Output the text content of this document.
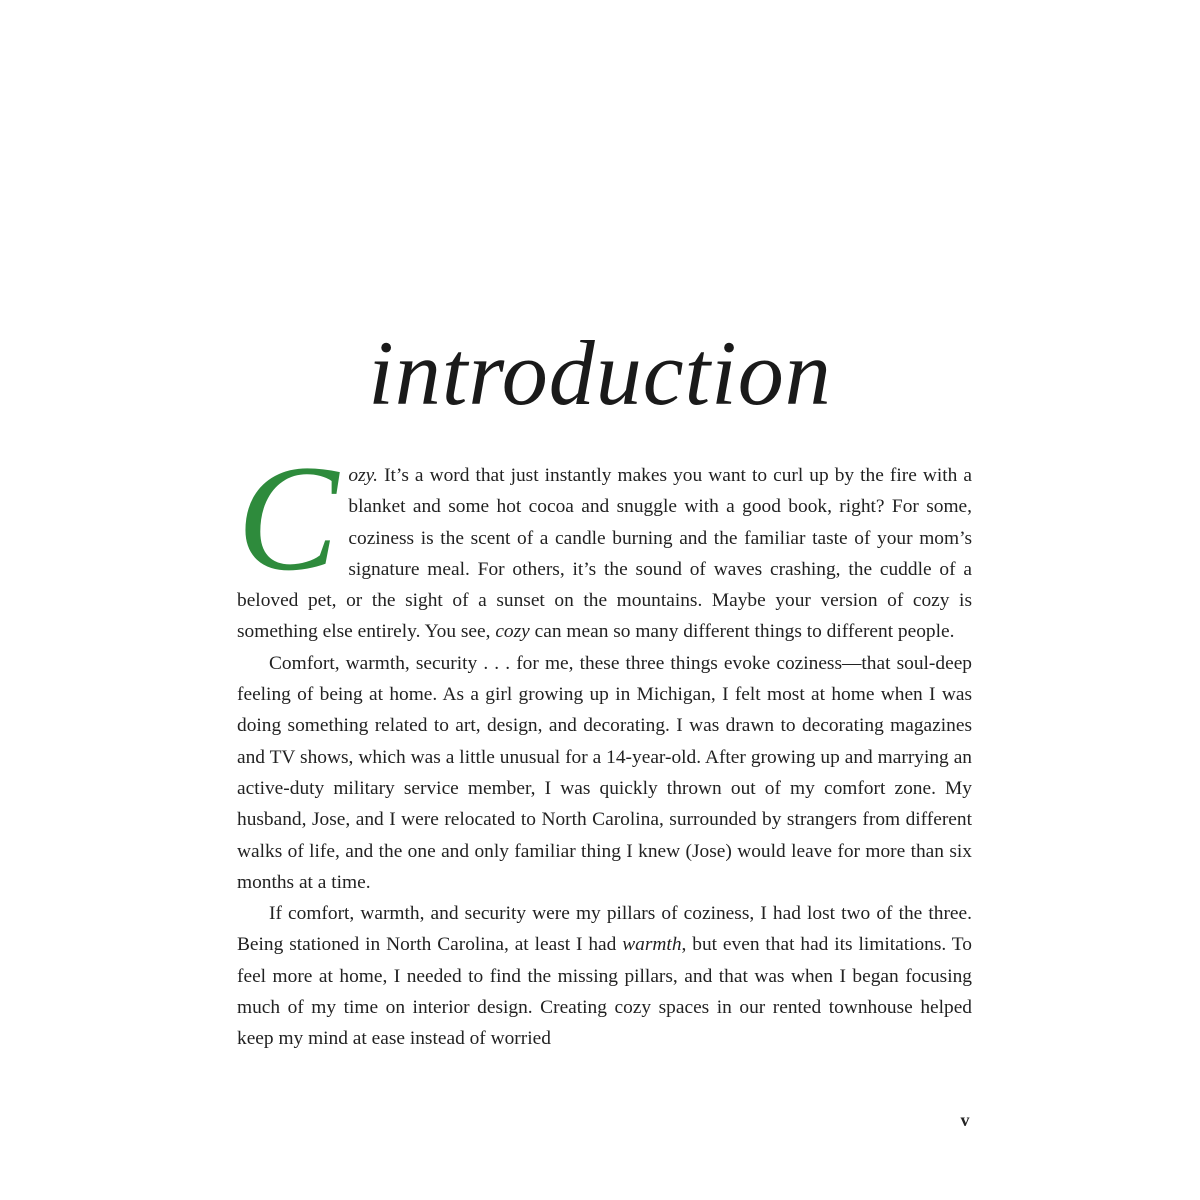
introduction

Cozy. It’s a word that just instantly makes you want to curl up by the fire with a blanket and some hot cocoa and snuggle with a good book, right? For some, coziness is the scent of a candle burning and the familiar taste of your mom’s signature meal. For others, it’s the sound of waves crashing, the cuddle of a beloved pet, or the sight of a sunset on the mountains. Maybe your version of cozy is something else entirely. You see, cozy can mean so many different things to different people.

Comfort, warmth, security . . . for me, these three things evoke coziness—that soul-deep feeling of being at home. As a girl growing up in Michigan, I felt most at home when I was doing something related to art, design, and decorating. I was drawn to decorating magazines and TV shows, which was a little unusual for a 14-year-old. After growing up and marrying an active-duty military service member, I was quickly thrown out of my comfort zone. My husband, Jose, and I were relocated to North Carolina, surrounded by strangers from different walks of life, and the one and only familiar thing I knew (Jose) would leave for more than six months at a time.

If comfort, warmth, and security were my pillars of coziness, I had lost two of the three. Being stationed in North Carolina, at least I had warmth, but even that had its limitations. To feel more at home, I needed to find the missing pillars, and that was when I began focusing much of my time on interior design. Creating cozy spaces in our rented townhouse helped keep my mind at ease instead of worried

v
